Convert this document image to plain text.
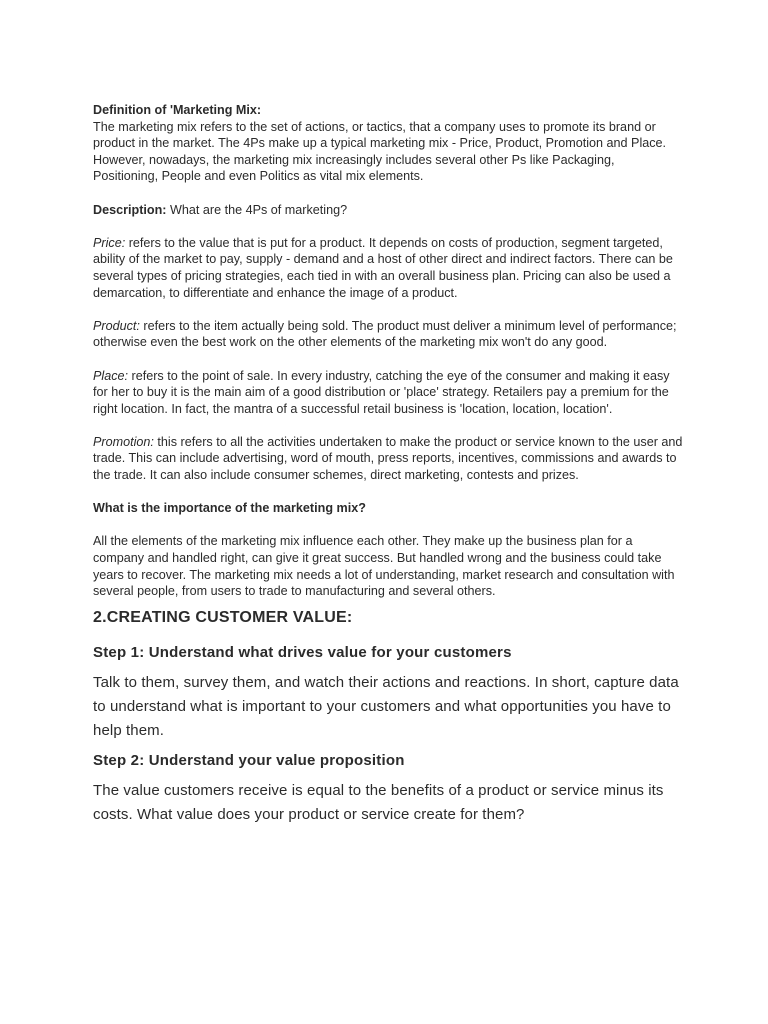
Definition of 'Marketing Mix:

The marketing mix refers to the set of actions, or tactics, that a company uses to promote its brand or product in the market. The 4Ps make up a typical marketing mix - Price, Product, Promotion and Place. However, nowadays, the marketing mix increasingly includes several other Ps like Packaging, Positioning, People and even Politics as vital mix elements.

Description: What are the 4Ps of marketing?

Price: refers to the value that is put for a product. It depends on costs of production, segment targeted, ability of the market to pay, supply - demand and a host of other direct and indirect factors. There can be several types of pricing strategies, each tied in with an overall business plan. Pricing can also be used a demarcation, to differentiate and enhance the image of a product.

Product: refers to the item actually being sold. The product must deliver a minimum level of performance; otherwise even the best work on the other elements of the marketing mix won't do any good.

Place: refers to the point of sale. In every industry, catching the eye of the consumer and making it easy for her to buy it is the main aim of a good distribution or 'place' strategy. Retailers pay a premium for the right location. In fact, the mantra of a successful retail business is 'location, location, location'.

Promotion: this refers to all the activities undertaken to make the product or service known to the user and trade. This can include advertising, word of mouth, press reports, incentives, commissions and awards to the trade. It can also include consumer schemes, direct marketing, contests and prizes.

What is the importance of the marketing mix?

All the elements of the marketing mix influence each other. They make up the business plan for a company and handled right, can give it great success. But handled wrong and the business could take years to recover. The marketing mix needs a lot of understanding, market research and consultation with several people, from users to trade to manufacturing and several others.

2.CREATING CUSTOMER VALUE:

Step 1: Understand what drives value for your customers

Talk to them, survey them, and watch their actions and reactions. In short, capture data to understand what is important to your customers and what opportunities you have to help them.

Step 2: Understand your value proposition

The value customers receive is equal to the benefits of a product or service minus its costs. What value does your product or service create for them?
